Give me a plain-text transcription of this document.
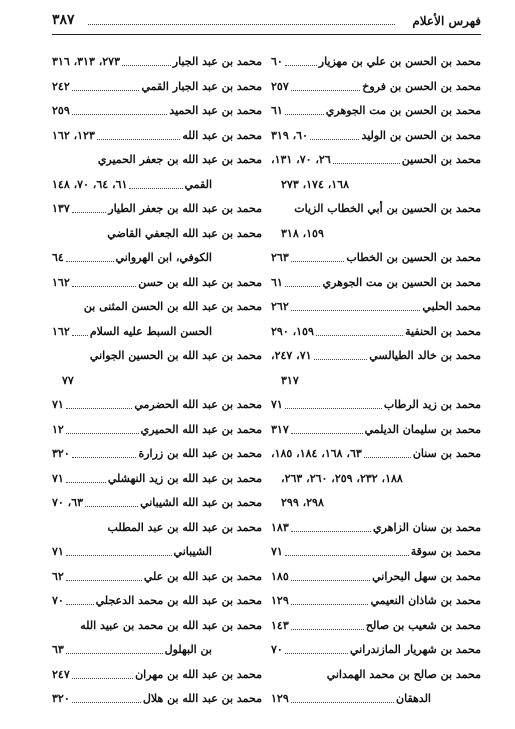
فهرس الأعلام
٣٨٧
محمد بن الحسن بن علي بن مهزيار
٦٠
محمد بن الحسن بن فروخ
٢٥٧
محمد بن الحسن بن مت الجوهري
٦١
محمد بن الحسن بن الوليد
٦٠، ٣١٩
محمد بن الحسين
٢٦، ٧٠، ١٣١،
١٦٨، ١٧٤، ٢٧٣
محمد بن الحسين بن أبي الخطاب الزيات
١٥٩، ٣١٨
محمد بن الحسين بن الخطاب
٢٦٣
محمد بن الحسين بن مت الجوهري
٦١
محمد الحلبي
٢٦٢
محمد بن الحنفية
١٥٩، ٢٩٠
محمد بن خالد الطيالسي
٧١، ٢٤٧،
٣١٧
محمد بن زيد الرطاب
٧١
محمد بن سليمان الديلمي
٣١٧
محمد بن سنان
٦٣، ١٦٨، ١٨٤، ١٨٥،
١٨٨، ٢٣٢، ٢٥٩، ٢٦٠، ٢٦٣،
٢٩٨، ٢٩٩
محمد بن سنان الزاهري
١٨٣
محمد بن سوقة
٧١
محمد بن سهل البحراني
١٨٥
محمد بن شاذان النعيمي
١٢٩
محمد بن شعيب بن صالح
١٤٣
محمد بن شهريار المازندراني
٧٠
محمد بن صالح بن محمد الهمداني
الدهقان
١٢٩
محمد بن عبد الجبار
٢٧٣، ٣١٣، ٣١٦
محمد بن عبد الجبار القمي
٢٤٢
محمد بن عبد الحميد
٢٥٩
محمد بن عبد الله
١٢٣، ١٦٢
محمد بن عبد الله بن جعفر الحميري
القمي
٦١، ٦٤، ٧٠، ١٤٨
محمد بن عبد الله بن جعفر الطيار
١٣٧
محمد بن عبد الله الجعفي القاضي
الكوفي، ابن الهرواني
٦٤
محمد بن عبد الله بن حسن
١٦٢
محمد بن عبد الله بن الحسن المثنى بن
الحسن السبط عليه السلام
١٦٢
محمد بن عبد الله بن الحسين الجواني
٧٧
محمد بن عبد الله الحضرمي
٧١
محمد بن عبد الله الحميري
١٢
محمد بن عبد الله بن زرارة
٣٢٠
محمد بن عبد الله بن زيد النهشلي
٧١
محمد بن عبد الله الشيباني
٦٣، ٧٠
محمد بن عبد الله بن عبد المطلب
الشيباني
٧١
محمد بن عبد الله بن علي
٦٢
محمد بن عبد الله بن محمد الدعجلي
٧٠
محمد بن عبد الله بن محمد بن عبيد الله
بن البهلول
٦٣
محمد بن عبد الله بن مهران
٢٤٧
محمد بن عبد الله بن هلال
٣٢٠
